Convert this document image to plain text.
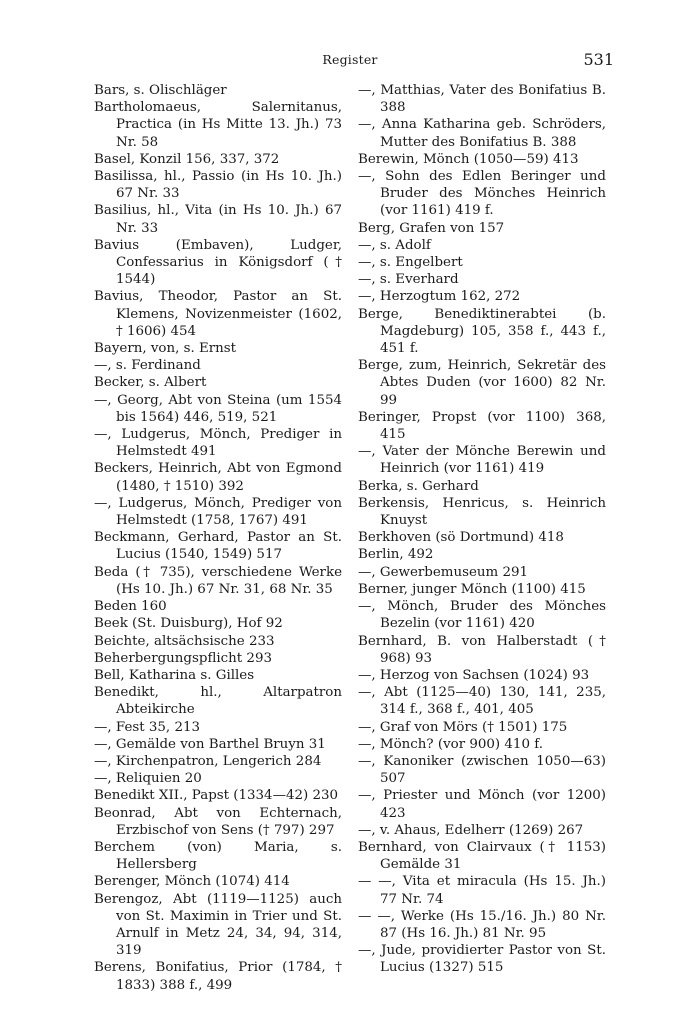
Register	531

Bars, s. Olischläger

Bartholomaeus, Salernitanus, Practica (in Hs Mitte 13. Jh.) 73 Nr. 58

Basel, Konzil 156, 337, 372

Basilissa, hl., Passio (in Hs 10. Jh.) 67 Nr. 33

Basilius, hl., Vita (in Hs 10. Jh.) 67 Nr. 33

Bavius (Embaven), Ludger, Confessarius in Königsdorf († 1544)

Bavius, Theodor, Pastor an St. Klemens, Novizenmeister (1602, † 1606) 454

Bayern, von, s. Ernst

—, s. Ferdinand

Becker, s. Albert

—, Georg, Abt von Steina (um 1554 bis 1564) 446, 519, 521

—, Ludgerus, Mönch, Prediger in Helmstedt 491

Beckers, Heinrich, Abt von Egmond (1480, † 1510) 392

—, Ludgerus, Mönch, Prediger von Helmstedt (1758, 1767) 491

Beckmann, Gerhard, Pastor an St. Lucius (1540, 1549) 517

Beda († 735), verschiedene Werke (Hs 10. Jh.) 67 Nr. 31, 68 Nr. 35

Beden 160

Beek (St. Duisburg), Hof 92

Beichte, altsächsische 233

Beherbergungspflicht 293

Bell, Katharina s. Gilles

Benedikt, hl., Altarpatron Abteikirche

—, Fest 35, 213

—, Gemälde von Barthel Bruyn 31

—, Kirchenpatron, Lengerich 284

—, Reliquien 20

Benedikt XII., Papst (1334—42) 230

Beonrad, Abt von Echternach, Erzbischof von Sens († 797) 297

Berchem (von) Maria, s. Hellersberg

Berenger, Mönch (1074) 414

Berengoz, Abt (1119—1125) auch von St. Maximin in Trier und St. Arnulf in Metz 24, 34, 94, 314, 319

Berens, Bonifatius, Prior (1784, † 1833) 388 f., 499

—, Matthias, Vater des Bonifatius B. 388

—, Anna Katharina geb. Schröders, Mutter des Bonifatius B. 388

Berewin, Mönch (1050—59) 413

—, Sohn des Edlen Beringer und Bruder des Mönches Heinrich (vor 1161) 419 f.

Berg, Grafen von 157

—, s. Adolf

—, s. Engelbert

—, s. Everhard

—, Herzogtum 162, 272

Berge, Benediktinerabtei (b. Magdeburg) 105, 358 f., 443 f., 451 f.

Berge, zum, Heinrich, Sekretär des Abtes Duden (vor 1600) 82 Nr. 99

Beringer, Propst (vor 1100) 368, 415

—, Vater der Mönche Berewin und Heinrich (vor 1161) 419

Berka, s. Gerhard

Berkensis, Henricus, s. Heinrich Knuyst

Berkhoven (sö Dortmund) 418

Berlin, 492

—, Gewerbemuseum 291

Berner, junger Mönch (1100) 415

—, Mönch, Bruder des Mönches Bezelin (vor 1161) 420

Bernhard, B. von Halberstadt († 968) 93

—, Herzog von Sachsen (1024) 93

—, Abt (1125—40) 130, 141, 235, 314 f., 368 f., 401, 405

—, Graf von Mörs († 1501) 175

—, Mönch? (vor 900) 410 f.

—, Kanoniker (zwischen 1050—63) 507

—, Priester und Mönch (vor 1200) 423

—, v. Ahaus, Edelherr (1269) 267

Bernhard, von Clairvaux († 1153) Gemälde 31

— —, Vita et miracula (Hs 15. Jh.) 77 Nr. 74

— —, Werke (Hs 15./16. Jh.) 80 Nr. 87 (Hs 16. Jh.) 81 Nr. 95

—, Jude, providierter Pastor von St. Lucius (1327) 515
